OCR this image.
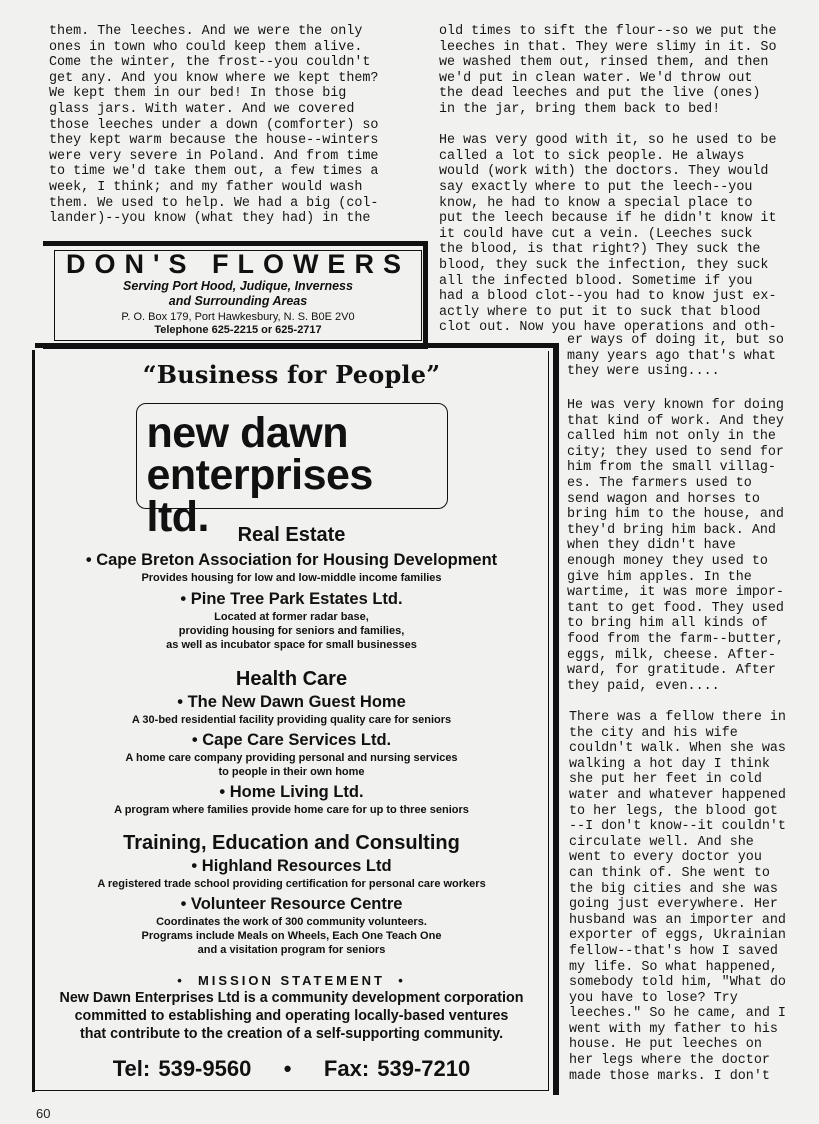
them. The leeches. And we were the only
ones in town who could keep them alive.
Come the winter, the frost--you couldn't
get any. And you know where we kept them?
We kept them in our bed! In those big
glass jars. With water. And we covered
those leeches under a down (comforter) so
they kept warm because the house--winters
were very severe in Poland. And from time
to time we'd take them out, a few times a
week, I think; and my father would wash
them. We used to help. We had a big (col-
lander)--you know (what they had) in the
old times to sift the flour--so we put the
leeches in that. They were slimy in it. So
we washed them out, rinsed them, and then
we'd put in clean water. We'd throw out
the dead leeches and put the live (ones)
in the jar, bring them back to bed!

He was very good with it, so he used to be
called a lot to sick people. He always
would (work with) the doctors. They would
say exactly where to put the leech--you
know, he had to know a special place to
put the leech because if he didn't know it
it could have cut a vein. (Leeches suck
the blood, is that right?) They suck the
blood, they suck the infection, they suck
all the infected blood. Sometime if you
had a blood clot--you had to know just ex-
actly where to put it to suck that blood
clot out. Now you have operations and oth-
er ways of doing it, but so
many years ago that's what
they were using....
He was very known for doing
that kind of work. And they
called him not only in the
city; they used to send for
him from the small villag-
es. The farmers used to
send wagon and horses to
bring him to the house, and
they'd bring him back. And
when they didn't have
enough money they used to
give him apples. In the
wartime, it was more impor-
tant to get food. They used
to bring him all kinds of
food from the farm--butter,
eggs, milk, cheese. After-
ward, for gratitude. After
they paid, even....
There was a fellow there in
the city and his wife
couldn't walk. When she was
walking a hot day I think
she put her feet in cold
water and whatever happened
to her legs, the blood got
--I don't know--it couldn't
circulate well. And she
went to every doctor you
can think of. She went to
the big cities and she was
going just everywhere. Her
husband was an importer and
exporter of eggs, Ukrainian
fellow--that's how I saved
my life. So what happened,
somebody told him, "What do
you have to lose? Try
leeches." So he came, and I
went with my father to his
house. He put leeches on
her legs where the doctor
made those marks. I don't
DON'S FLOWERS
Serving Port Hood, Judique, Inverness
and Surrounding Areas
P. O. Box 179, Port Hawkesbury, N. S. B0E 2V0
Telephone 625-2215 or 625-2717
“Business for People”
new dawn
enterprises ltd.	Real Estate
• Cape Breton Association for Housing Development
Provides housing for low and low-middle income families
• Pine Tree Park Estates Ltd.
Located at former radar base,
providing housing for seniors and families,
as well as incubator space for small businesses
Health Care
• The New Dawn Guest Home
A 30-bed residential facility providing quality care for seniors
• Cape Care Services Ltd.
A home care company providing personal and nursing services
to people in their own home
• Home Living Ltd.
A program where families provide home care for up to three seniors
Training, Education and Consulting
• Highland Resources Ltd
A registered trade school providing certification for personal care workers
• Volunteer Resource Centre
Coordinates the work of 300 community volunteers.
Programs include Meals on Wheels, Each One Teach One
and a visitation program for seniors
•  MISSION STATEMENT  •
New Dawn Enterprises Ltd is a community development corporation
committed to establishing and operating locally-based ventures
that contribute to the creation of a self-supporting community.
Tel: 539-9560    •    Fax: 539-7210
60
